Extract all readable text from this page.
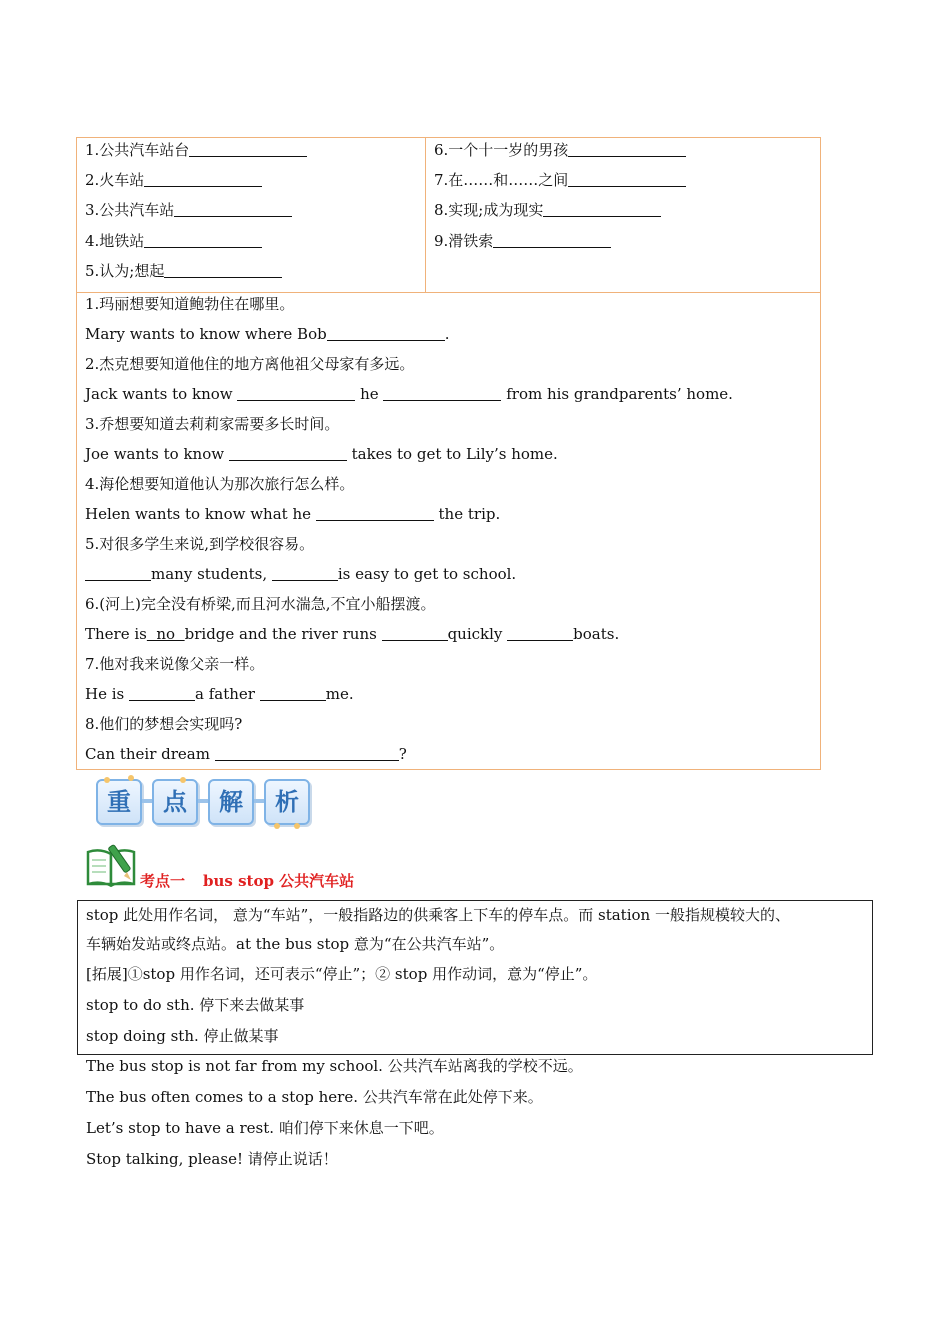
1.公共汽车站台
2.火车站
3.公共汽车站
4.地铁站
5.认为;想起
6.一个十一岁的男孩
7.在……和……之间
8.实现;成为现实
9.滑铁索
1.玛丽想要知道鲍勃住在哪里。
Mary wants to know where Bob	.
2.杰克想要知道他住的地方离他祖父母家有多远。
Jack wants to know	he	from his grandparents’ home.
3.乔想要知道去莉莉家需要多长时间。
Joe wants to know	takes to get to Lily’s home.
4.海伦想要知道他认为那次旅行怎么样。
Helen wants to know what he	the trip.
5.对很多学生来说,到学校很容易。
many students,	is easy to get to school.
6.(河上)完全没有桥梁,而且河水湍急,不宜小船摆渡。
There is  no  bridge and the river runs	quickly	boats.
7.他对我来说像父亲一样。
He is	a father	me.
8.他们的梦想会实现吗?
Can their dream	?
重	点	解	析
考点一 bus stop 公共汽车站
stop 此处用作名词， 意为“车站”，一般指路边的供乘客上下车的停车点。而 station 一般指规模较大的、
车辆始发站或终点站。at the bus stop 意为“在公共汽车站”。
[拓展]①stop 用作名词，还可表示“停止”；② stop 用作动词，意为“停止”。
stop to do sth. 停下来去做某事
stop doing sth. 停止做某事
The bus stop is not far from my school. 公共汽车站离我的学校不远。
The bus often comes to a stop here. 公共汽车常在此处停下来。
Let’s stop to have a rest. 咱们停下来休息一下吧。
Stop talking, please! 请停止说话！
